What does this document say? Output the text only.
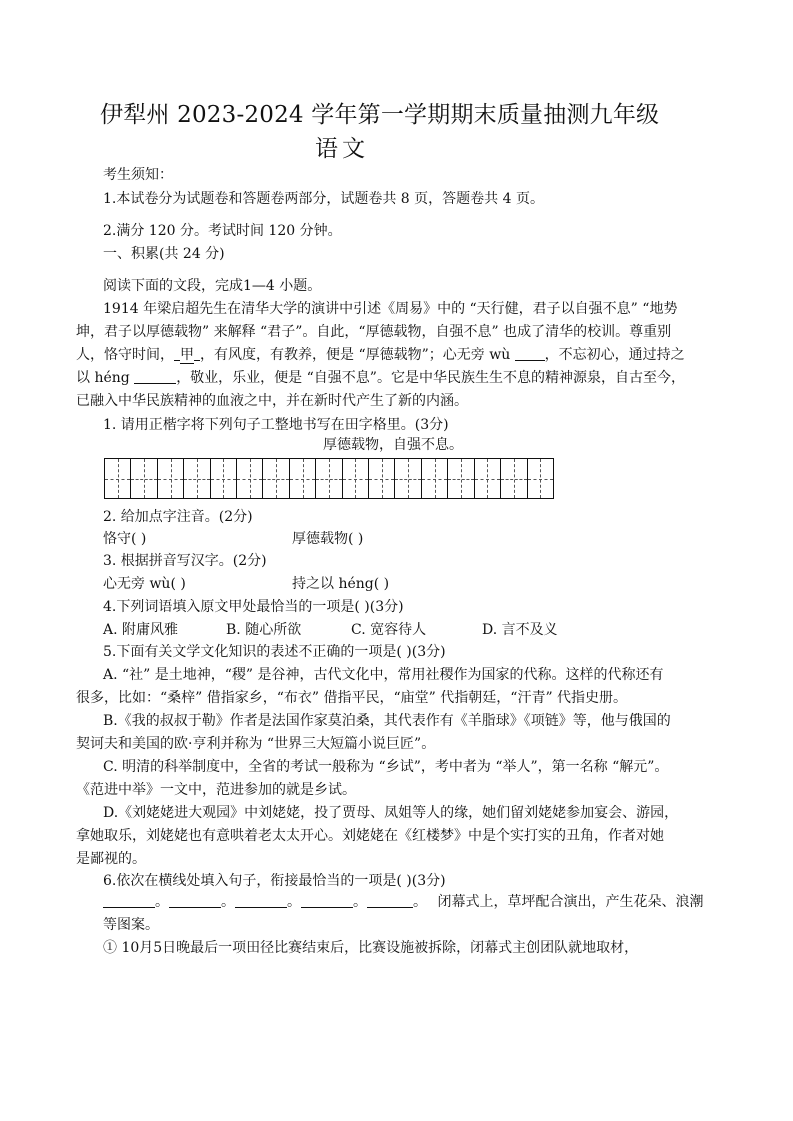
伊犁州 2023-2024 学年第一学期期末质量抽测九年级
语文
考生须知：
1.本试卷分为试题卷和答题卷两部分，试题卷共 8 页，答题卷共 4 页。
2.满分 120 分。考试时间 120 分钟。
一、积累(共 24 分)
阅读下面的文段，完成1—4 小题。
1914 年梁启超先生在清华大学的演讲中引述《周易》中的 “天行健，君子以自强不息” “地势
坤，君子以厚德载物” 来解释 “君子”。自此，“厚德载物，自强不息” 也成了清华的校训。尊重别
人，恪守时间， 甲 ，有风度，有教养，便是 “厚德载物”；心无旁 wù ，不忘初心，通过持之
以 héng	，敬业，乐业，便是 “自强不息”。它是中华民族生生不息的精神源泉，自古至今，
已融入中华民族精神的血液之中，并在新时代产生了新的内涵。
1. 请用正楷字将下列句子工整地书写在田字格里。(3分)
厚德载物，自强不息。
2. 给加点字注音。(2分)
恪守( )	厚德载物( )
3. 根据拼音写汉字。(2分)
心无旁 wù( )	持之以 héng( )
4.下列词语填入原文甲处最恰当的一项是( )(3分)
A. 附庸风雅	B. 随心所欲	C. 宽容待人	D. 言不及义
5.下面有关文学文化知识的表述不正确的一项是( )(3分)
A. “社” 是土地神，“稷” 是谷神，古代文化中，常用社稷作为国家的代称。这样的代称还有
很多，比如：“桑梓” 借指家乡，“布衣” 借指平民，“庙堂” 代指朝廷，“汗青” 代指史册。
B.《我的叔叔于勒》作者是法国作家莫泊桑，其代表作有《羊脂球》《项链》等，他与俄国的
契诃夫和美国的欧·亨利并称为 “世界三大短篇小说巨匠”。
C. 明清的科举制度中，全省的考试一般称为 “乡试”，考中者为 “举人”，第一名称 “解元”。
《范进中举》一文中，范进参加的就是乡试。
D.《刘姥姥进大观园》中刘姥姥，投了贾母、凤姐等人的缘，她们留刘姥姥参加宴会、游园，
拿她取乐，刘姥姥也有意哄着老太太开心。刘姥姥在《红楼梦》中是个实打实的丑角，作者对她
是鄙视的。
6.依次在横线处填入句子，衔接最恰当的一项是( )(3分)
。	。	。	。	。 闭幕式上，草坪配合演出，产生花朵、浪潮
等图案。
① 10月5日晚最后一项田径比赛结束后，比赛设施被拆除，闭幕式主创团队就地取材，
